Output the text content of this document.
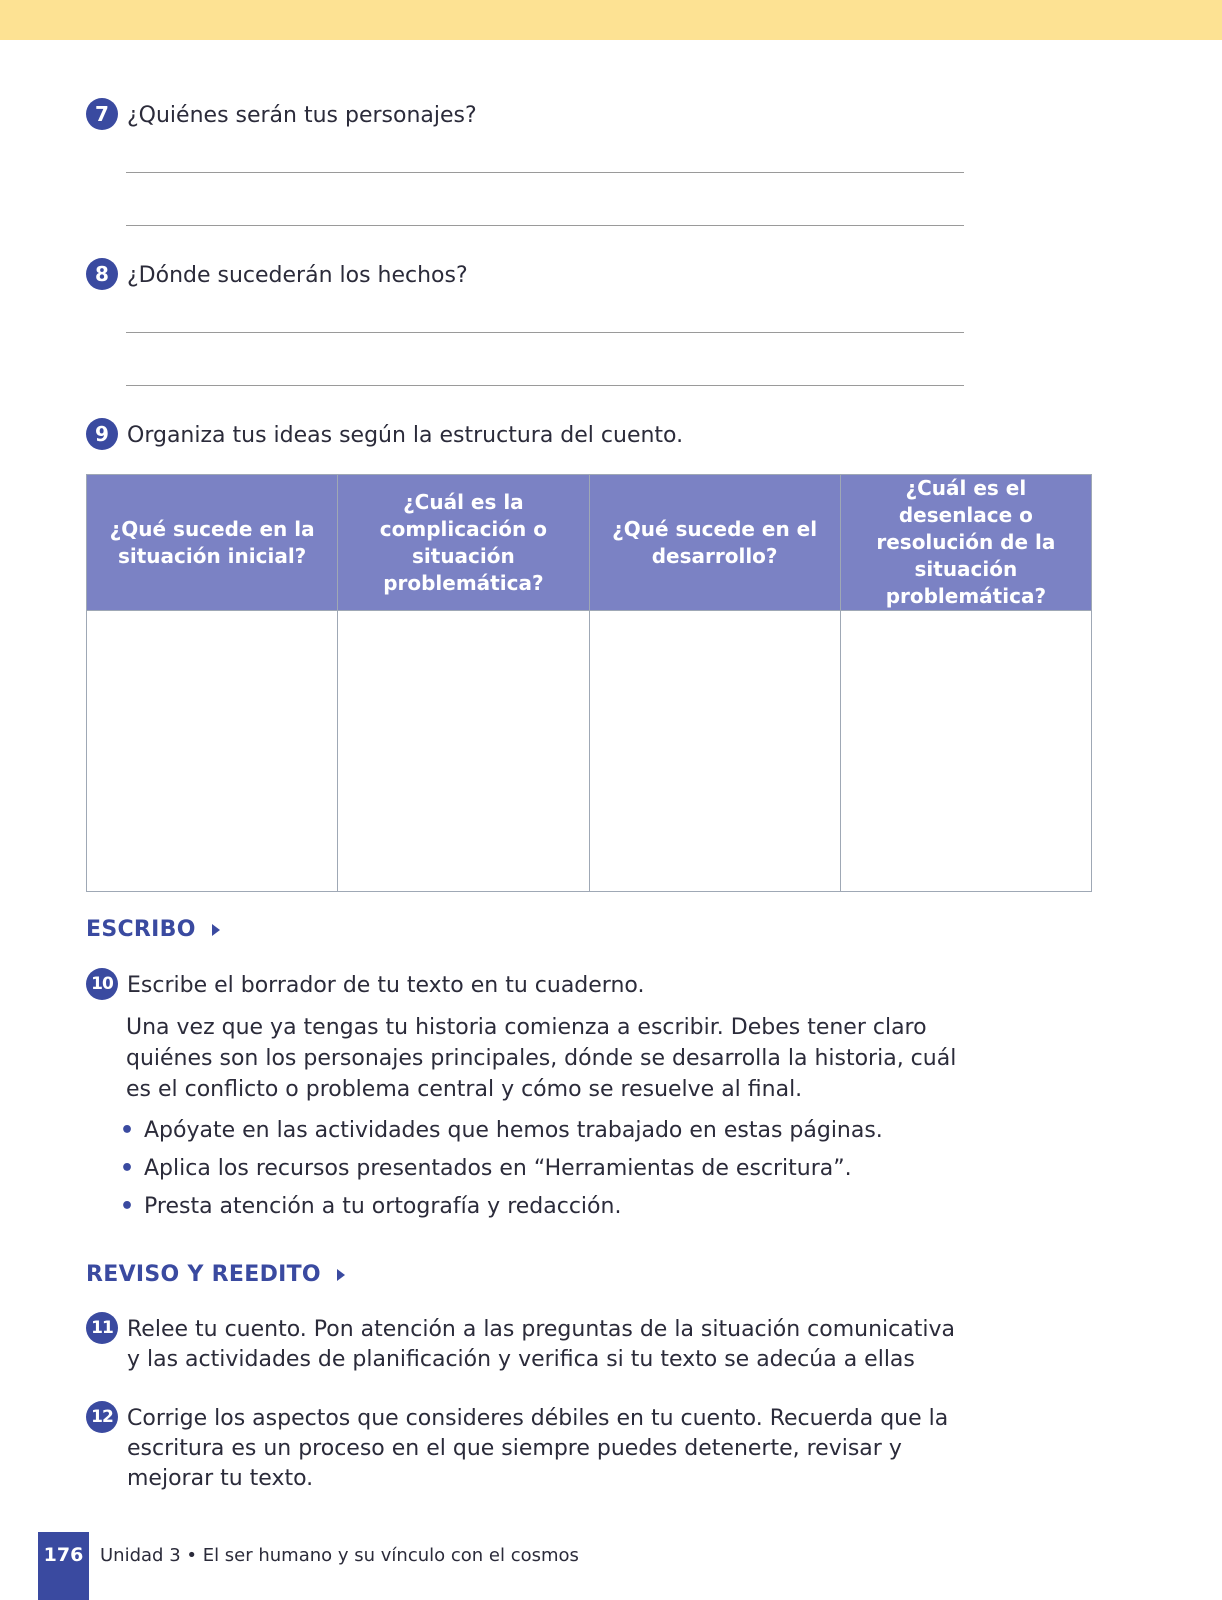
7 ¿Quiénes serán tus personajes?
8 ¿Dónde sucederán los hechos?
9 Organiza tus ideas según la estructura del cuento.
¿Qué sucede en la situación inicial?	¿Cuál es la complicación o situación problemática?	¿Qué sucede en el desarrollo?	¿Cuál es el desenlace o resolución de la situación problemática?

ESCRIBO
10 Escribe el borrador de tu texto en tu cuaderno.
Una vez que ya tengas tu historia comienza a escribir. Debes tener claro quiénes son los personajes principales, dónde se desarrolla la historia, cuál es el conflicto o problema central y cómo se resuelve al final.
• Apóyate en las actividades que hemos trabajado en estas páginas.
• Aplica los recursos presentados en “Herramientas de escritura”.
• Presta atención a tu ortografía y redacción.
REVISO Y REEDITO
11 Relee tu cuento. Pon atención a las preguntas de la situación comunicativa y las actividades de planificación y verifica si tu texto se adecúa a ellas
12 Corrige los aspectos que consideres débiles en tu cuento. Recuerda que la escritura es un proceso en el que siempre puedes detenerte, revisar y mejorar tu texto.
176 Unidad 3 • El ser humano y su vínculo con el cosmos
